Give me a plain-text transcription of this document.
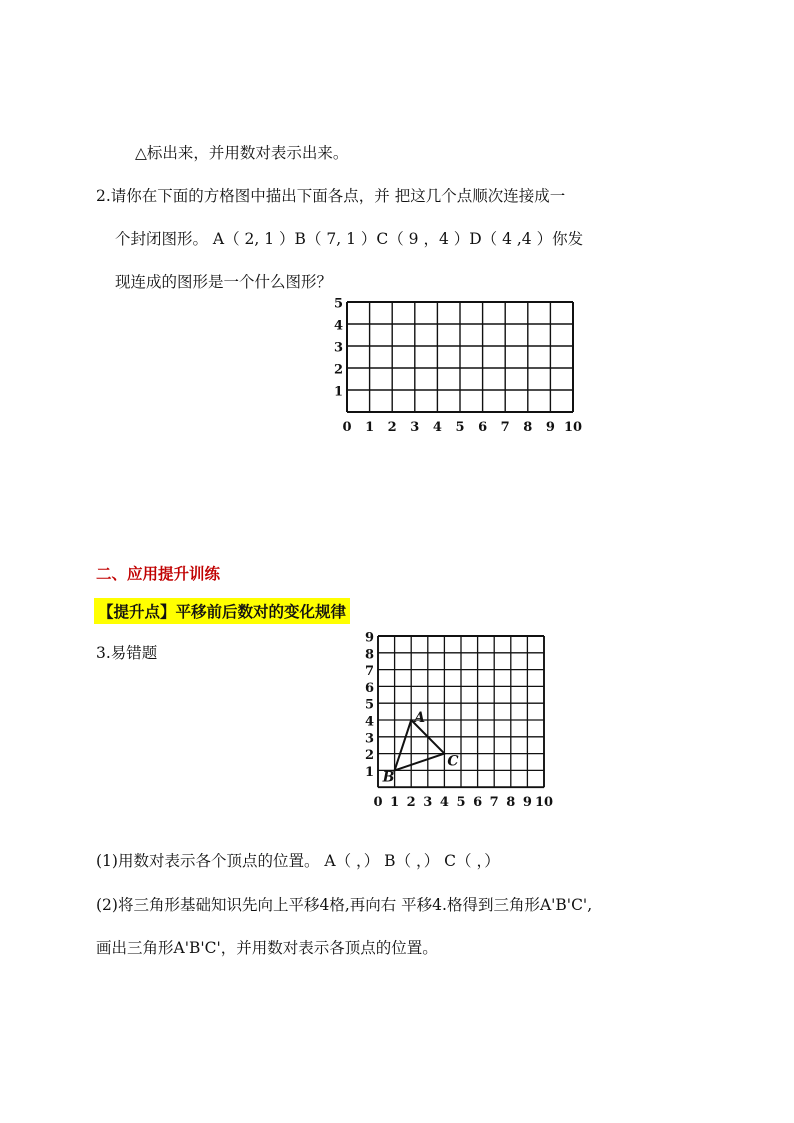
△标出来，并用数对表示出来。
2.请你在下面的方格图中描出下面各点，并 把这几个点顺次连接成一
个封闭图形。 A（ 2, 1 ）B（ 7, 1 ）C（ 9 ，4 ）D（ 4 ,4 ）你发
现连成的图形是一个什么图形？
0 1 2 3 4 5 6 7 8 9 10
1
2
3
4
5
二、应用提升训练
【提升点】平移前后数对的变化规律
3.易错题
0 1 2 3 4 5 6 7 8 9 10
1
2
3
4
5
6
7
8
9
A
B
C
(1)用数对表示各个顶点的位置。 A（ ，） B（ ，） C（ ，）
(2)将三角形基础知识先向上平移4格,再向右 平移4.格得到三角形A'B'C',
画出三角形A'B'C'，并用数对表示各顶点的位置。
